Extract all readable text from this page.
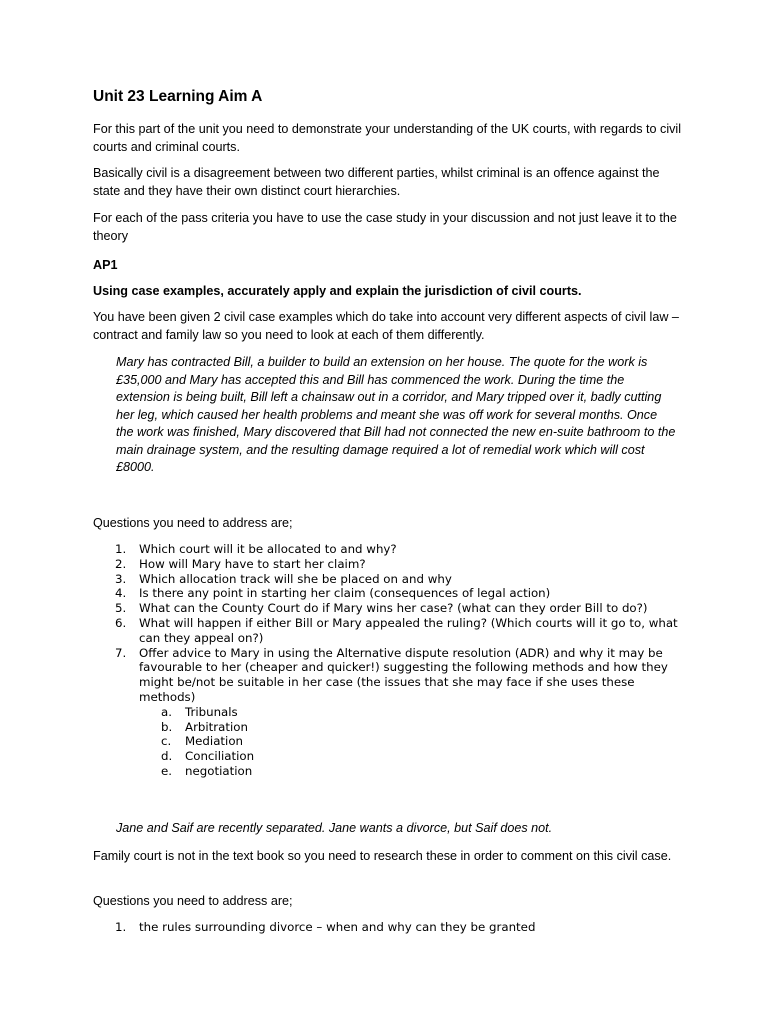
Unit 23 Learning Aim A

For this part of the unit you need to demonstrate your understanding of the UK courts, with regards to civil courts and criminal courts.

Basically civil is a disagreement between two different parties, whilst criminal is an offence against the state and they have their own distinct court hierarchies.

For each of the pass criteria you have to use the case study in your discussion and not just leave it to the theory

AP1

Using case examples, accurately apply and explain the jurisdiction of civil courts.

You have been given 2 civil case examples which do take into account very different aspects of civil law – contract and family law so you need to look at each of them differently.

Mary has contracted Bill, a builder to build an extension on her house. The quote for the work is £35,000 and Mary has accepted this and Bill has commenced the work. During the time the extension is being built, Bill left a chainsaw out in a corridor, and Mary tripped over it, badly cutting her leg, which caused her health problems and meant she was off work for several months. Once the work was finished, Mary discovered that Bill had not connected the new en-suite bathroom to the main drainage system, and the resulting damage required a lot of remedial work which will cost £8000.

Questions you need to address are;

1. Which court will it be allocated to and why?
2. How will Mary have to start her claim?
3. Which allocation track will she be placed on and why
4. Is there any point in starting her claim (consequences of legal action)
5. What can the County Court do if Mary wins her case? (what can they order Bill to do?)
6. What will happen if either Bill or Mary appealed the ruling? (Which courts will it go to, what can they appeal on?)
7. Offer advice to Mary in using the Alternative dispute resolution (ADR) and why it may be favourable to her (cheaper and quicker!) suggesting the following methods and how they might be/not be suitable in her case (the issues that she may face if she uses these methods)
a. Tribunals
b. Arbitration
c. Mediation
d. Conciliation
e. negotiation

Jane and Saif are recently separated. Jane wants a divorce, but Saif does not.

Family court is not in the text book so you need to research these in order to comment on this civil case.

Questions you need to address are;

1. the rules surrounding divorce – when and why can they be granted
